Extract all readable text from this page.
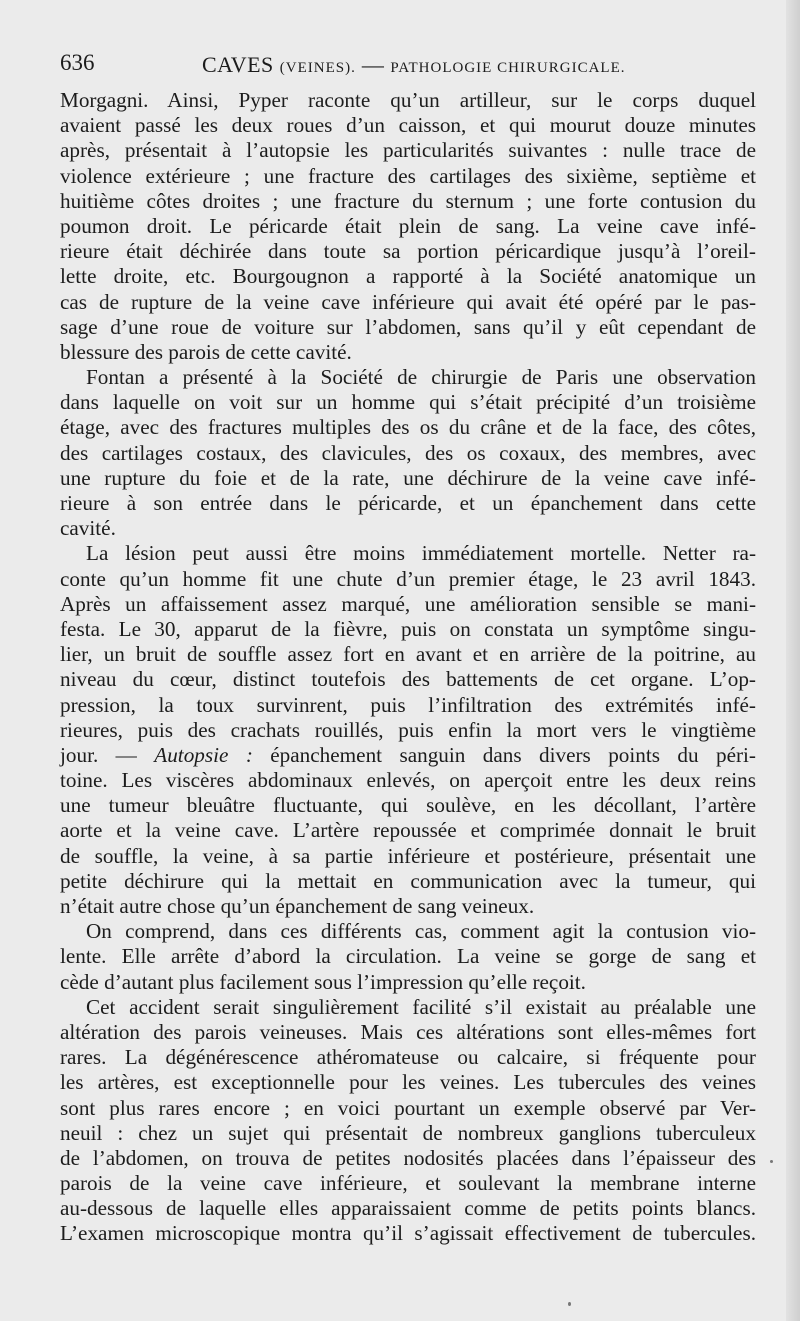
636	CAVES (VEINES). — PATHOLOGIE CHIRURGICALE.
Morgagni. Ainsi, Pyper raconte qu’un artilleur, sur le corps duquel
avaient passé les deux roues d’un caisson, et qui mourut douze minutes
après, présentait à l’autopsie les particularités suivantes : nulle trace de
violence extérieure ; une fracture des cartilages des sixième, septième et
huitième côtes droites ; une fracture du sternum ; une forte contusion du
poumon droit. Le péricarde était plein de sang. La veine cave infé-
rieure était déchirée dans toute sa portion péricardique jusqu’à l’oreil-
lette droite, etc. Bourgougnon a rapporté à la Société anatomique un
cas de rupture de la veine cave inférieure qui avait été opéré par le pas-
sage d’une roue de voiture sur l’abdomen, sans qu’il y eût cependant de
blessure des parois de cette cavité.
Fontan a présenté à la Société de chirurgie de Paris une observation
dans laquelle on voit sur un homme qui s’était précipité d’un troisième
étage, avec des fractures multiples des os du crâne et de la face, des côtes,
des cartilages costaux, des clavicules, des os coxaux, des membres, avec
une rupture du foie et de la rate, une déchirure de la veine cave infé-
rieure à son entrée dans le péricarde, et un épanchement dans cette
cavité.
La lésion peut aussi être moins immédiatement mortelle. Netter ra-
conte qu’un homme fit une chute d’un premier étage, le 23 avril 1843.
Après un affaissement assez marqué, une amélioration sensible se mani-
festa. Le 30, apparut de la fièvre, puis on constata un symptôme singu-
lier, un bruit de souffle assez fort en avant et en arrière de la poitrine, au
niveau du cœur, distinct toutefois des battements de cet organe. L’op-
pression, la toux survinrent, puis l’infiltration des extrémités infé-
rieures, puis des crachats rouillés, puis enfin la mort vers le vingtième
jour. — Autopsie : épanchement sanguin dans divers points du péri-
toine. Les viscères abdominaux enlevés, on aperçoit entre les deux reins
une tumeur bleuâtre fluctuante, qui soulève, en les décollant, l’artère
aorte et la veine cave. L’artère repoussée et comprimée donnait le bruit
de souffle, la veine, à sa partie inférieure et postérieure, présentait une
petite déchirure qui la mettait en communication avec la tumeur, qui
n’était autre chose qu’un épanchement de sang veineux.
On comprend, dans ces différents cas, comment agit la contusion vio-
lente. Elle arrête d’abord la circulation. La veine se gorge de sang et
cède d’autant plus facilement sous l’impression qu’elle reçoit.
Cet accident serait singulièrement facilité s’il existait au préalable une
altération des parois veineuses. Mais ces altérations sont elles-mêmes fort
rares. La dégénérescence athéromateuse ou calcaire, si fréquente pour
les artères, est exceptionnelle pour les veines. Les tubercules des veines
sont plus rares encore ; en voici pourtant un exemple observé par Ver-
neuil : chez un sujet qui présentait de nombreux ganglions tuberculeux
de l’abdomen, on trouva de petites nodosités placées dans l’épaisseur des
parois de la veine cave inférieure, et soulevant la membrane interne
au-dessous de laquelle elles apparaissaient comme de petits points blancs.
L’examen microscopique montra qu’il s’agissait effectivement de tubercules.
